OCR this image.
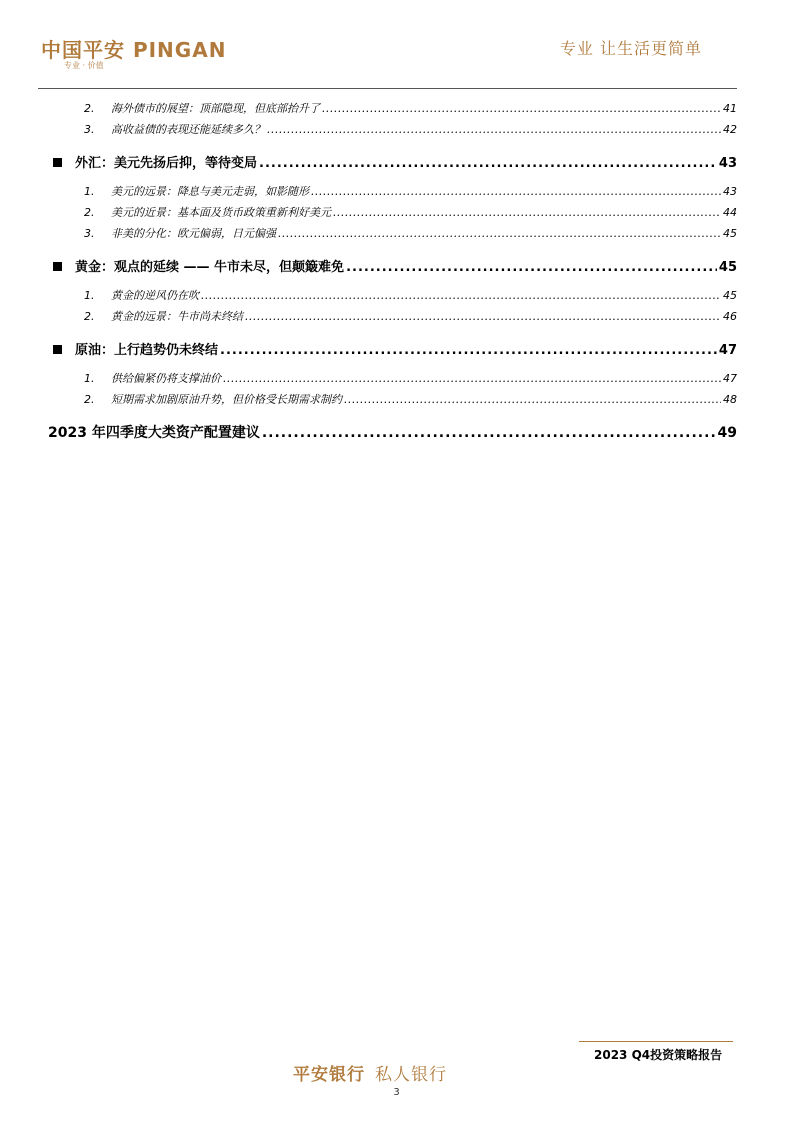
中国平安 PINGAN
专业 · 价值
专业 让生活更简单
2.	海外债市的展望：顶部隐现，但底部抬升了 .....	41
3.	高收益债的表现还能延续多久？ .....	42
外汇：美元先扬后抑，等待变局 .....	43
1.	美元的远景：降息与美元走弱，如影随形 .....	43
2.	美元的近景：基本面及货币政策重新利好美元 .....	44
3.	非美的分化：欧元偏弱，日元偏强 .....	45
黄金：观点的延续 —— 牛市未尽，但颠簸难免 .....	45
1.	黄金的逆风仍在吹 .....	45
2.	黄金的远景：牛市尚未终结 .....	46
原油：上行趋势仍未终结 .....	47
1.	供给偏紧仍将支撑油价 .....	47
2.	短期需求加剧原油升势，但价格受长期需求制约 .....	48
2023 年四季度大类资产配置建议 .....	49
2023 Q4投资策略报告
平安银行 私人银行
3
